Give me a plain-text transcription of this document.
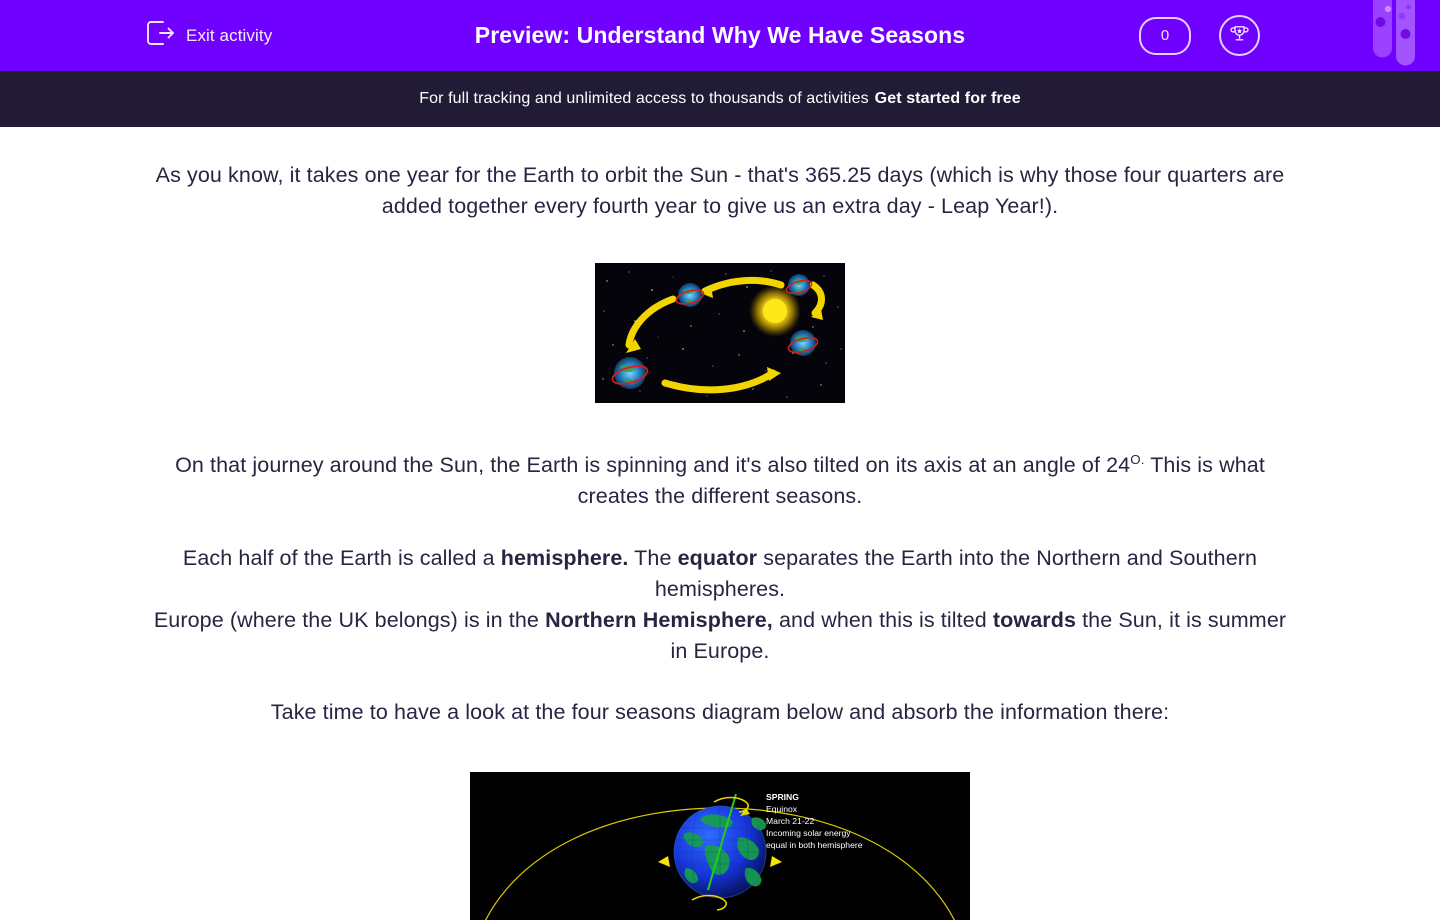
Exit activity	Preview: Understand Why We Have Seasons	0
For full tracking and unlimited access to thousands of activities Get started for free
As you know, it takes one year for the Earth to orbit the Sun - that's 365.25 days (which is why those four quarters are added together every fourth year to give us an extra day - Leap Year!).
On that journey around the Sun, the Earth is spinning and it's also tilted on its axis at an angle of $24^{O.}$ This is what creates the different seasons.
Each half of the Earth is called a hemisphere. The equator separates the Earth into the Northern and Southern hemispheres.
Europe (where the UK belongs) is in the Northern Hemisphere, and when this is tilted towards the Sun, it is summer in Europe.
Take time to have a look at the four seasons diagram below and absorb the information there:
SPRING
Equinox
March 21-22
Incoming solar energy
equal in both hemisphere
